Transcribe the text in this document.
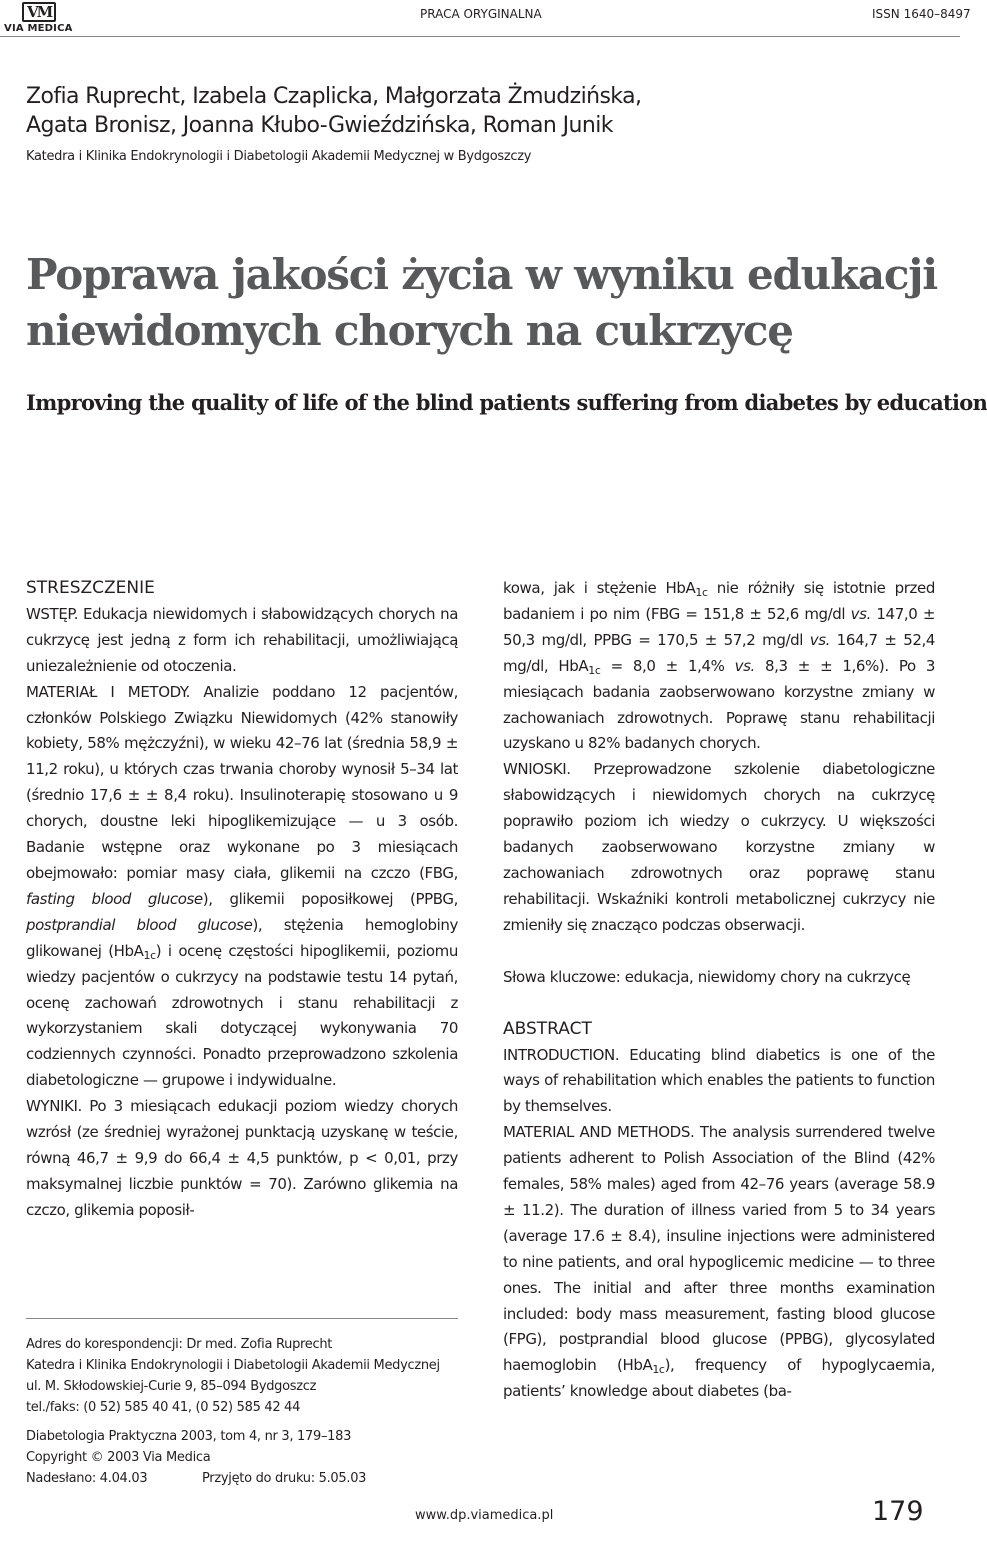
VM
VIA MEDICA
PRACA ORYGINALNA	ISSN 1640–8497
Zofia Ruprecht, Izabela Czaplicka, Małgorzata Żmudzińska,
Agata Bronisz, Joanna Kłubo-Gwieździńska, Roman Junik
Katedra i Klinika Endokrynologii i Diabetologii Akademii Medycznej w Bydgoszczy
Poprawa jakości życia w wyniku edukacji
niewidomych chorych na cukrzycę
Improving the quality of life of the blind patients suffering from diabetes by education

STRESZCZENIE

WSTĘP. Edukacja niewidomych i słabowidzących chorych na cukrzycę jest jedną z form ich rehabilitacji, umożliwiającą uniezależnienie od otoczenia.

MATERIAŁ I METODY. Analizie poddano 12 pacjentów, członków Polskiego Związku Niewidomych (42% stanowiły kobiety, 58% mężczyźni), w wieku 42–76 lat (średnia 58,9 ± 11,2 roku), u których czas trwania choroby wynosił 5–34 lat (średnio 17,6 ± ± 8,4 roku). Insulinoterapię stosowano u 9 chorych, doustne leki hipoglikemizujące — u 3 osób. Badanie wstępne oraz wykonane po 3 miesiącach obejmowało: pomiar masy ciała, glikemii na czczo (FBG, fasting blood glucose), glikemii poposiłkowej (PPBG, postprandial blood glucose), stężenia hemoglobiny glikowanej (HbA$_{1c}$) i ocenę częstości hipoglikemii, poziomu wiedzy pacjentów o cukrzycy na podstawie testu 14 pytań, ocenę zachowań zdrowotnych i stanu rehabilitacji z wykorzystaniem skali dotyczącej wykonywania 70 codziennych czynności. Ponadto przeprowadzono szkolenia diabetologiczne — grupowe i indywidualne.

WYNIKI. Po 3 miesiącach edukacji poziom wiedzy chorych wzrósł (ze średniej wyrażonej punktacją uzyskanę w teście, równą 46,7 ± 9,9 do 66,4 ± 4,5 punktów, p < 0,01, przy maksymalnej liczbie punktów = 70). Zarówno glikemia na czczo, glikemia poposił-

kowa, jak i stężenie HbA$_{1c}$ nie różniły się istotnie przed badaniem i po nim (FBG = 151,8 ± 52,6 mg/dl vs. 147,0 ± 50,3 mg/dl, PPBG = 170,5 ± 57,2 mg/dl vs. 164,7 ± 52,4 mg/dl, HbA$_{1c}$ = 8,0 ± 1,4% vs. 8,3 ± ± 1,6%). Po 3 miesiącach badania zaobserwowano korzystne zmiany w zachowaniach zdrowotnych. Poprawę stanu rehabilitacji uzyskano u 82% badanych chorych.

WNIOSKI. Przeprowadzone szkolenie diabetologiczne słabowidzących i niewidomych chorych na cukrzycę poprawiło poziom ich wiedzy o cukrzycy. U większości badanych zaobserwowano korzystne zmiany w zachowaniach zdrowotnych oraz poprawę stanu rehabilitacji. Wskaźniki kontroli metabolicznej cukrzycy nie zmieniły się znacząco podczas obserwacji.

Słowa kluczowe: edukacja, niewidomy chory na cukrzycę

ABSTRACT

INTRODUCTION. Educating blind diabetics is one of the ways of rehabilitation which enables the patients to function by themselves.

MATERIAL AND METHODS. The analysis surrendered twelve patients adherent to Polish Association of the Blind (42% females, 58% males) aged from 42–76 years (average 58.9 ± 11.2). The duration of illness varied from 5 to 34 years (average 17.6 ± 8.4), insuline injections were administered to nine patients, and oral hypoglicemic medicine — to three ones. The initial and after three months examination included: body mass measurement, fasting blood glucose (FPG), postprandial blood glucose (PPBG), glycosylated haemoglobin (HbA$_{1c}$), frequency of hypoglycaemia, patients’ knowledge about diabetes (ba-

Adres do korespondencji: Dr med. Zofia Ruprecht
Katedra i Klinika Endokrynologii i Diabetologii Akademii Medycznej
ul. M. Skłodowskiej-Curie 9, 85–094 Bydgoszcz
tel./faks: (0 52) 585 40 41, (0 52) 585 42 44
Diabetologia Praktyczna 2003, tom 4, nr 3, 179–183
Copyright © 2003 Via Medica
Nadesłano: 4.04.03	Przyjęto do druku: 5.05.03
www.dp.viamedica.pl	179
